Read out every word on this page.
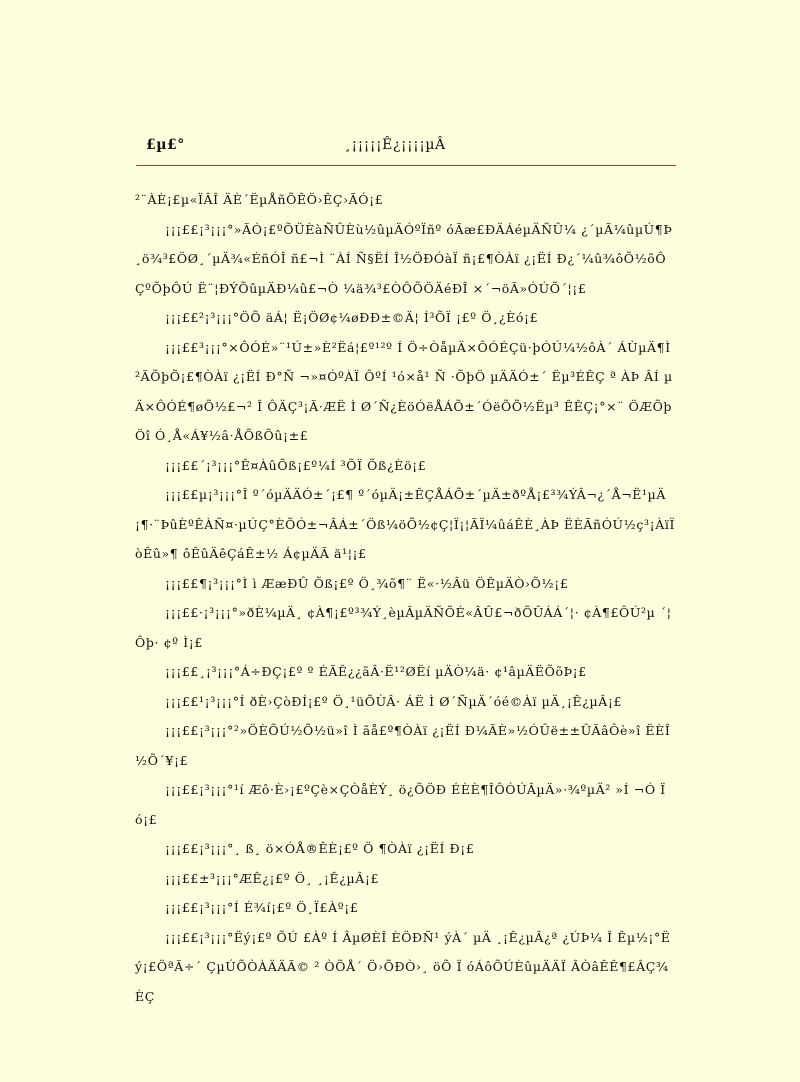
£µ£°	¸¡¡¡¡¡Ê¿¡¡¡¡µÂ

²¨ÀÈ¡£µ«ÏÂÎ ÄÈ´ËµÅñÕÊÖ›ÊÇ›ÃÓ¡£

¡¡¡££¡³¡¡¡°»ÃÓ¡£ºÕÜÈàÑÛÈù½ûµÄÓºÏñº óÃæ£ÐÄÁéµÄÑÛ¼ ¿´µÃ¼ûµÚ¶Þ¸ö¾³£ÖØ¸´µÄ¾«ÉñÓÎ ñ£¬Ì ¨ÀÍ Ñ§ËÍ Î½ÖÐÓàÏ ñ¡£¶ÒÀï ¿¡ËÍ Ð¿´¼û¾ôÕ½õÔÇºÕþÔÚ Ë¨¦ÐÝÕûµÄÐ¼û£¬Ò ¼ä¾³£ÒÔÕÖÄéÐÎ ×´¬öÃ»ÓÚÕ´¦¡£

¡¡¡££²¡³¡¡¡°ÖÕ äÁ¦ Ë¡ÖØ¢¼øÐÐ±©Ä¦ Í³ÕÏ ¡£º Ö¸¿Èó¡£

¡¡¡££³¡¡¡°×ÔÓÉ»¨¹Ú±»È²Ëá¦£º¹²º Í Ö÷ÒåµÄ×ÔÓÉÇü·þÓÚ¼½ôÀ´ ÁÙµÄ¶Ì²ÃÕþÕ¡£¶ÒÀï ¿¡ËÍ Ð°Ñ ¬»¤ÓºÀÏ ÔºÍ ¹ó×å¹ Ñ ·ÕþÖ µÄÄÓ±´ Ëµ³ÉÊÇ ª ÀÞ ÂÍ µÄ×ÔÓÉ¶øÕ½£¬² Î ÔÄÇ³¡Ã·ÆË Ì Ø´Ñ¿ÈöÓëÅÁÕ±´ÓëÕÕ½Ëµ³ ÊÊÇ¡°×¨ ÖÆÕþ Öî Ó¸Å«Á¥½â·ÅÕßÕû¡±£

¡¡¡££´¡³¡¡¡°Ê¤ÀûÕß¡£º¼Í ³ÕÏ Õß¿Èö¡£

¡¡¡££µ¡³¡¡¡°Î º´óµÄÄÓ±´¡£¶ º´óµÄ¡±ÊÇÅÁÕ±´µÄ±ðºÅ¡£³¾ÝÂ¬¿´Å¬Ë¹µÄ¡¶·¨ÞûÈºÊÀÑ¤·µÚÇ°ÈÕÓ±¬ÂÁ±´Öß¼öÕ½¢Ç¦Ï¡¦ÃÏ¼ûáÊÈ¸ÀÞ ËÈÃñÓÚ½ç³¡ÀïÏ òÊû»¶ ôÊûÄêÇáÊ±½ Á¢µÄÃ ä¹¦¡£

¡¡¡££¶¡³¡¡¡°Ì ì ÆæÐÛ Õß¡£º Ö¸¾õ¶¨ Ë«·½Âü ÖÊµÄÒ›Õ½¡£

¡¡¡££·¡³¡¡¡°»ðÈ¼µÄ¸ ¢À¶¡£º³¾Ý¸èµÂµÄÑÕÉ«ÂÛ£¬ðÕÛÁÁ´¦· ¢À¶£ÔÚ²µ ´¦Ôþ· ¢º Ì¡£

¡¡¡££¸¡³¡¡¡°Á÷ÐÇ¡£º º ÉÃÊ¿¿ãÂ·Ë¹²ØËí µÄÒ¼ä· ¢¹âµÄËÕõÞ¡£

¡¡¡££¹¡³¡¡¡°Í ðÈ›ÇòÐÍ¡£º Ö¸¹üÕÙÂ· ÁË Ì Ø´ÑµÄ´óé©Àï µÄ¸¡Ê¿µÂ¡£

¡¡¡££¡³¡¡¡°²»ÖÈÕÚ½Õ½ü»î Ì ãå£º¶ÒÀï ¿¡ËÍ Ð¼ÃÈ»½ÓÛë±±ÛÃâÔè»î ËÈÎ½Õ´¥¡£

¡¡¡££¡³¡¡¡°¹í Æô·È›¡£ºÇè×ÇÒåÈÝ¸ ö¿ÕÖÐ ÉÈÈ¶ÎÔÓÚÂµÄ»·¾ºµÄ² »Í ¬Ó Ï ó¡£

¡¡¡££¡³¡¡¡°¸ ß¸ ö×ÓÅ®ÊÈ¡£º Ö ¶ÒÀï ¿¡ËÍ Ð¡£

¡¡¡££±³¡¡¡°ÆÊ¿¡£º Ö¸ ¸¡Ê¿µÂ¡£

¡¡¡££¡³¡¡¡°Í É¾í¡£º Ö¸Ï£Àº¡£

¡¡¡££¡³¡¡¡°Ëý¡£º ÕÚ £Àº Í ÂµØÈÎ ÈÖÐÑ¹ ýÀ´ µÄ ¸¡Ê¿µÂ¿ª ¿ÚÞ¼ Î Êµ½¡°Ëý¡£ÖªÃ÷´ ÇµÚÕÒÀÄÄÃ© ² ÒÕÅ´ Ö›ÕÐÒ›¸ öÕ Ï óÁôÕÚÈûµÄÄÏ ÂÒâÊÊ¶£ÂÇ¾ ÈÇ
